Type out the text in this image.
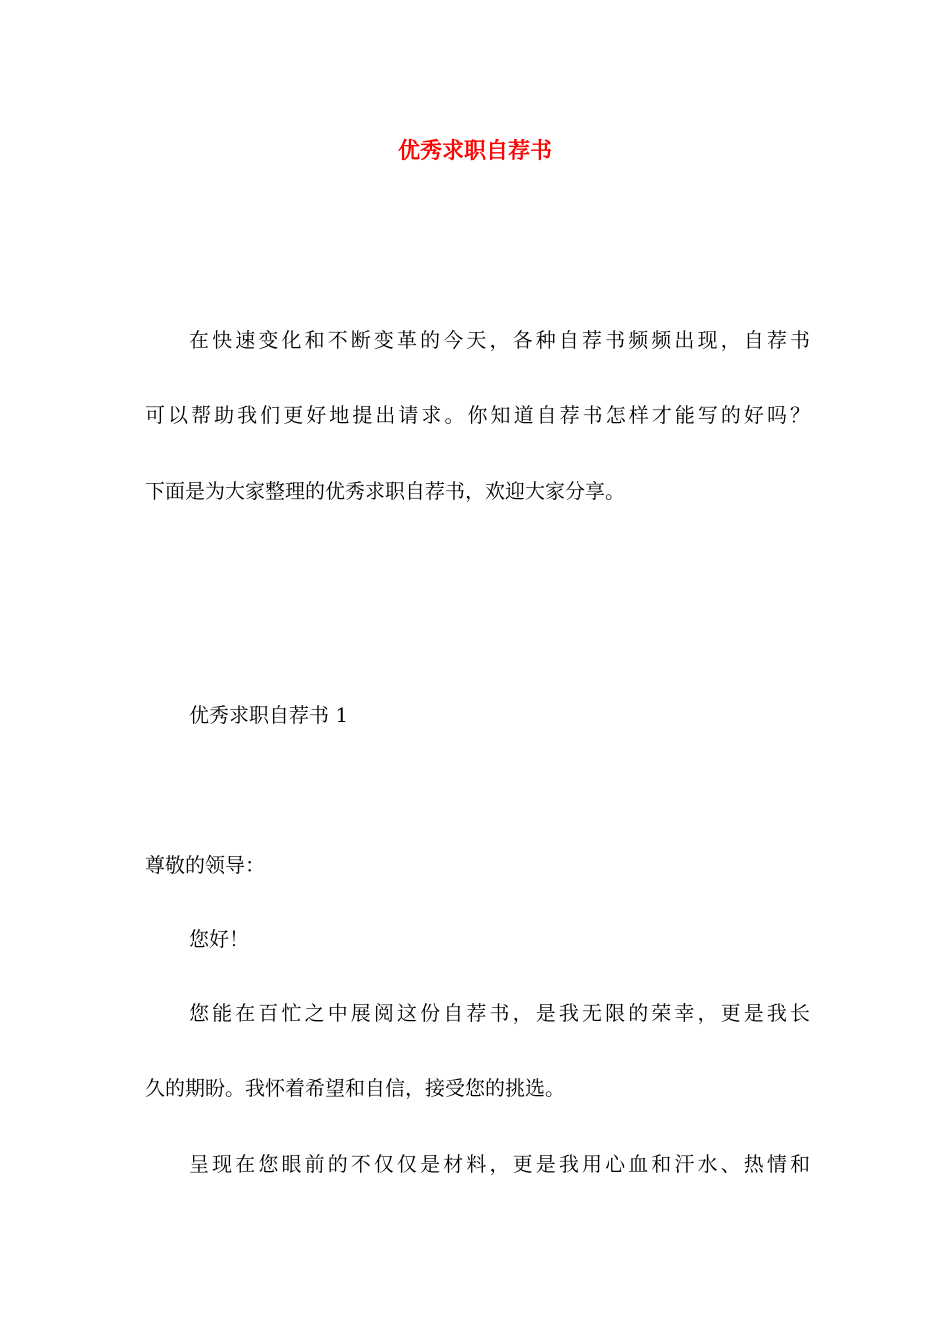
优秀求职自荐书

在快速变化和不断变革的今天，各种自荐书频频出现，自荐书

可以帮助我们更好地提出请求。你知道自荐书怎样才能写的好吗？

下面是为大家整理的优秀求职自荐书，欢迎大家分享。

优秀求职自荐书 1

尊敬的领导：

您好！

您能在百忙之中展阅这份自荐书，是我无限的荣幸，更是我长

久的期盼。我怀着希望和自信，接受您的挑选。

呈现在您眼前的不仅仅是材料，更是我用心血和汗水、热情和
